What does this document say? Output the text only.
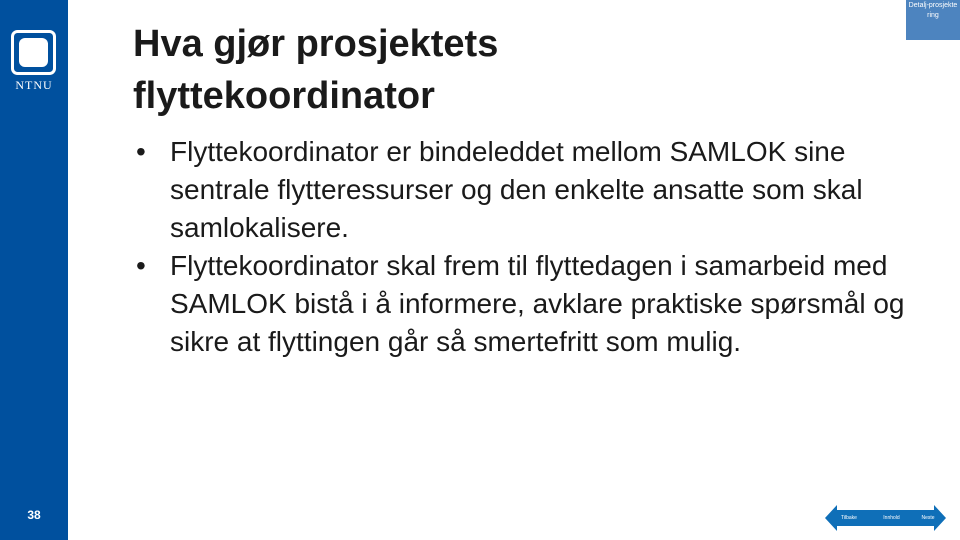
NTNU
38
Hva gjør prosjektets flyttekoordinator
Detalj-prosjekte ring
• Flyttekoordinator er bindeleddet mellom SAMLOK sine sentrale flytteressurser og den enkelte ansatte som skal samlokalisere.
• Flyttekoordinator skal frem til flyttedagen i samarbeid med SAMLOK bistå i å informere, avklare praktiske spørsmål og sikre at flyttingen går så smertefritt som mulig.
Tilbake	Innhold	Neste
